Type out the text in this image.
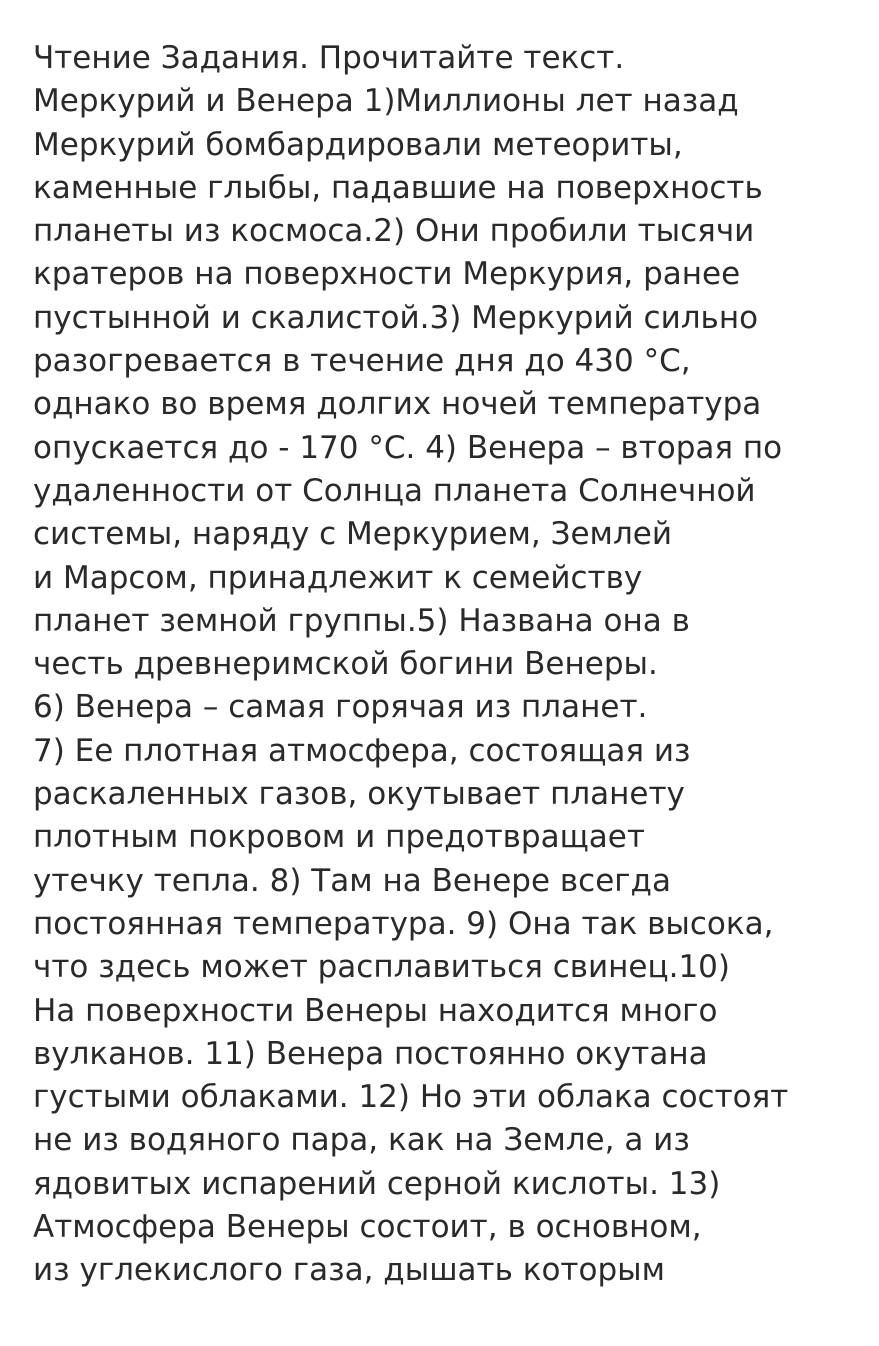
Чтение Задания. Прочитайте текст.
Меркурий и Венера 1)Миллионы лет назад
Меркурий бомбардировали метеориты,
каменные глыбы, падавшие на поверхность
планеты из космоса.2) Они пробили тысячи
кратеров на поверхности Меркурия, ранее
пустынной и скалистой.3) Меркурий сильно
разогревается в течение дня до 430 °С,
однако во время долгих ночей температура
опускается до - 170 °С. 4) Венера – вторая по
удаленности от Солнца планета Солнечной
системы, наряду с Меркурием, Землей
и Марсом, принадлежит к семейству
планет земной группы.5) Названа она в
честь древнеримской богини Венеры.
6) Венера – самая горячая из планет.
7) Ее плотная атмосфера, состоящая из
раскаленных газов, окутывает планету
плотным покровом и предотвращает
утечку тепла. 8) Там на Венере всегда
постоянная температура. 9) Она так высока,
что здесь может расплавиться свинец.10)
На поверхности Венеры находится много
вулканов. 11) Венера постоянно окутана
густыми облаками. 12) Но эти облака состоят
не из водяного пара, как на Земле, а из
ядовитых испарений серной кислоты. 13)
Атмосфера Венеры состоит, в основном,
из углекислого газа, дышать которым
